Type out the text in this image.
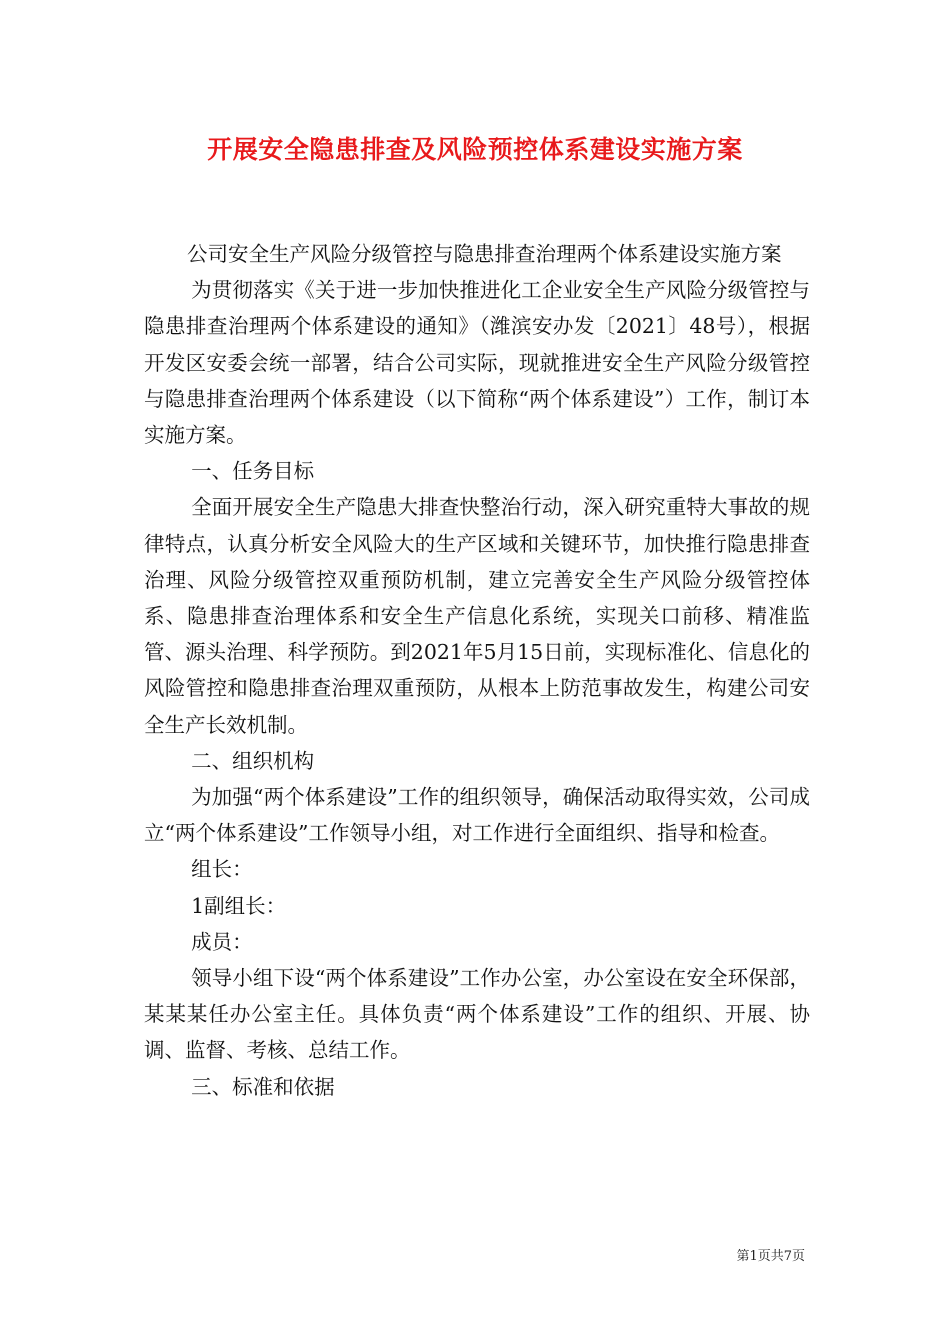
开展安全隐患排查及风险预控体系建设实施方案

公司安全生产风险分级管控与隐患排查治理两个体系建设实施方案

为贯彻落实《关于进一步加快推进化工企业安全生产风险分级管控与隐患排查治理两个体系建设的通知》（潍滨安办发〔2021〕48号），根据开发区安委会统一部署，结合公司实际，现就推进安全生产风险分级管控与隐患排查治理两个体系建设（以下简称“两个体系建设”）工作，制订本实施方案。

一、任务目标

全面开展安全生产隐患大排查快整治行动，深入研究重特大事故的规律特点，认真分析安全风险大的生产区域和关键环节，加快推行隐患排查治理、风险分级管控双重预防机制，建立完善安全生产风险分级管控体系、隐患排查治理体系和安全生产信息化系统，实现关口前移、精准监管、源头治理、科学预防。到2021年5月15日前，实现标准化、信息化的风险管控和隐患排查治理双重预防，从根本上防范事故发生，构建公司安全生产长效机制。

二、组织机构

为加强“两个体系建设”工作的组织领导，确保活动取得实效，公司成立“两个体系建设”工作领导小组，对工作进行全面组织、指导和检查。

组长：

1副组长：

成员：

领导小组下设“两个体系建设”工作办公室，办公室设在安全环保部，某某某任办公室主任。具体负责“两个体系建设”工作的组织、开展、协调、监督、考核、总结工作。

三、标准和依据

第1页共7页
